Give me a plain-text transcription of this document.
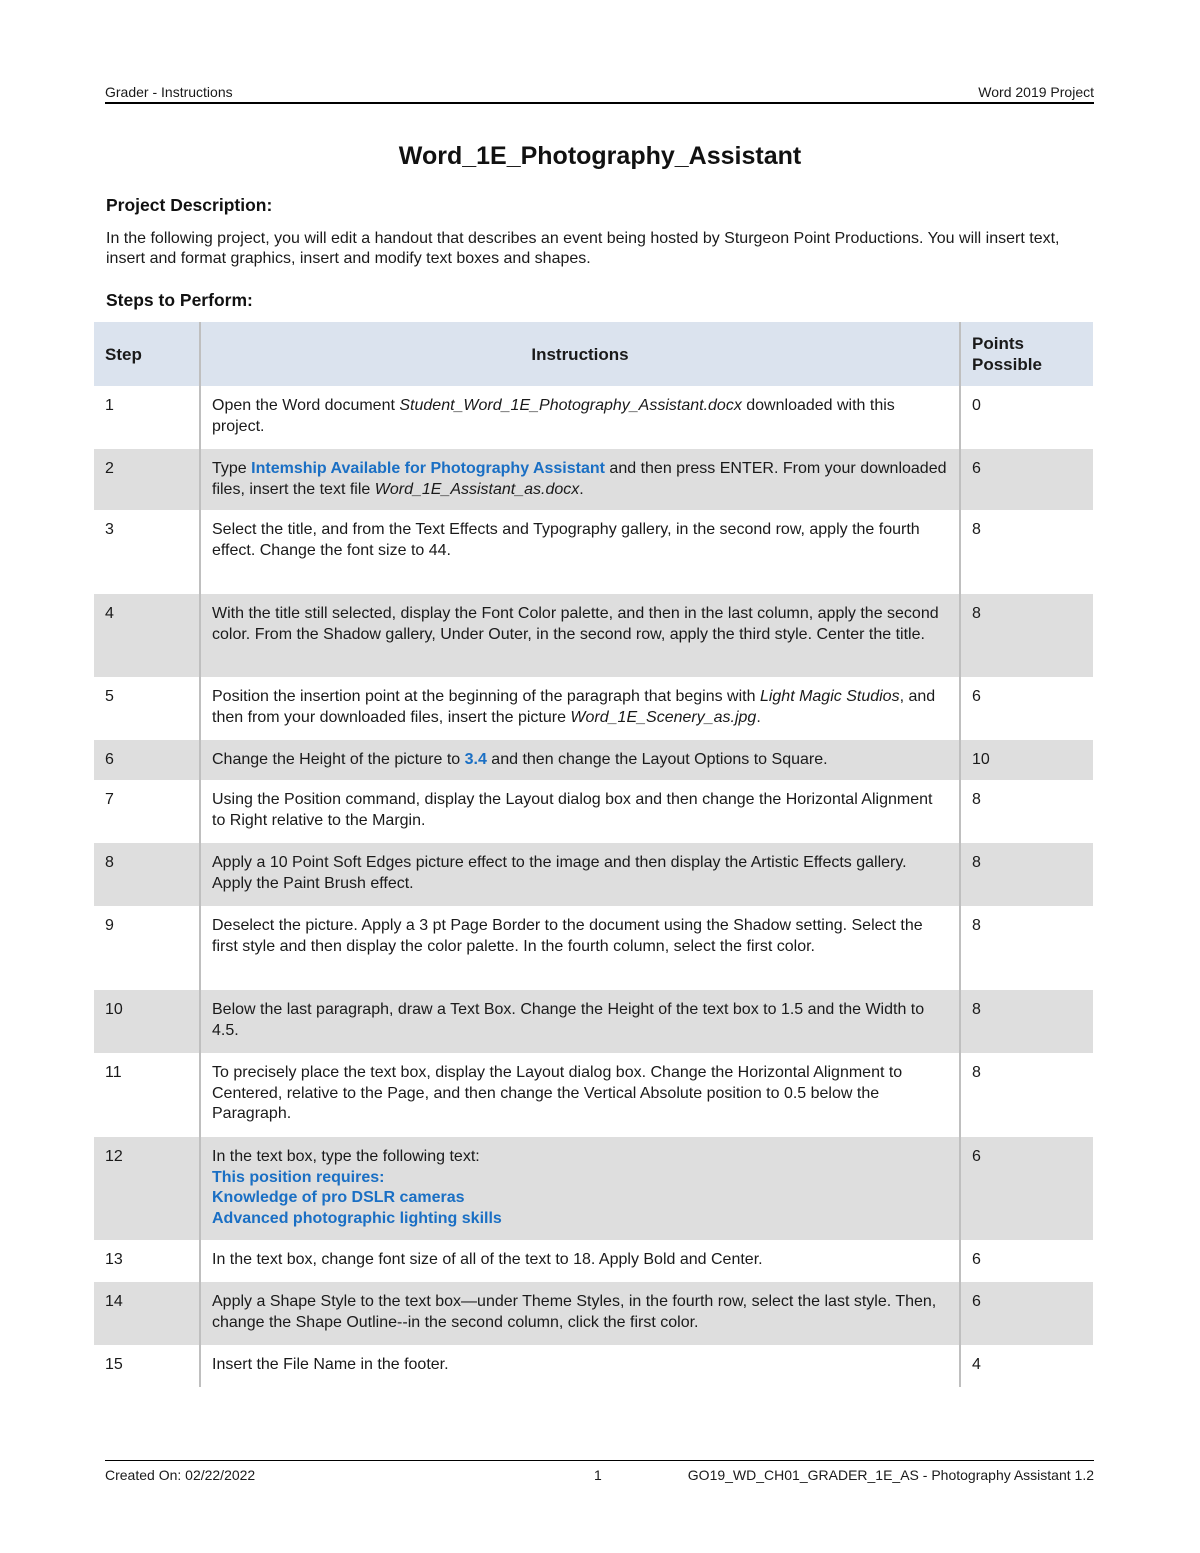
Grader - Instructions	Word 2019 Project
Word_1E_Photography_Assistant
Project Description:
In the following project, you will edit a handout that describes an event being hosted by Sturgeon Point Productions. You will insert text, insert and format graphics, insert and modify text boxes and shapes.
Steps to Perform:
Step	Instructions	Points Possible
1	Open the Word document Student_Word_1E_Photography_Assistant.docx downloaded with this project.	0
2	Type Intemship Available for Photography Assistant and then press ENTER. From your downloaded files, insert the text file Word_1E_Assistant_as.docx.	6
3	Select the title, and from the Text Effects and Typography gallery, in the second row, apply the fourth effect. Change the font size to 44.	8
4	With the title still selected, display the Font Color palette, and then in the last column, apply the second color. From the Shadow gallery, Under Outer, in the second row, apply the third style. Center the title.	8
5	Position the insertion point at the beginning of the paragraph that begins with Light Magic Studios, and then from your downloaded files, insert the picture Word_1E_Scenery_as.jpg.	6
6	Change the Height of the picture to 3.4 and then change the Layout Options to Square.	10
7	Using the Position command, display the Layout dialog box and then change the Horizontal Alignment to Right relative to the Margin.	8
8	Apply a 10 Point Soft Edges picture effect to the image and then display the Artistic Effects gallery. Apply the Paint Brush effect.	8
9	Deselect the picture. Apply a 3 pt Page Border to the document using the Shadow setting. Select the first style and then display the color palette. In the fourth column, select the first color.	8
10	Below the last paragraph, draw a Text Box. Change the Height of the text box to 1.5 and the Width to 4.5.	8
11	To precisely place the text box, display the Layout dialog box. Change the Horizontal Alignment to Centered, relative to the Page, and then change the Vertical Absolute position to 0.5 below the Paragraph.	8
12	In the text box, type the following text:
This position requires:
Knowledge of pro DSLR cameras
Advanced photographic lighting skills	6
13	In the text box, change font size of all of the text to 18. Apply Bold and Center.	6
14	Apply a Shape Style to the text box—under Theme Styles, in the fourth row, select the last style. Then, change the Shape Outline--in the second column, click the first color.	6
15	Insert the File Name in the footer.	4
Created On: 02/22/2022	1	GO19_WD_CH01_GRADER_1E_AS - Photography Assistant 1.2
